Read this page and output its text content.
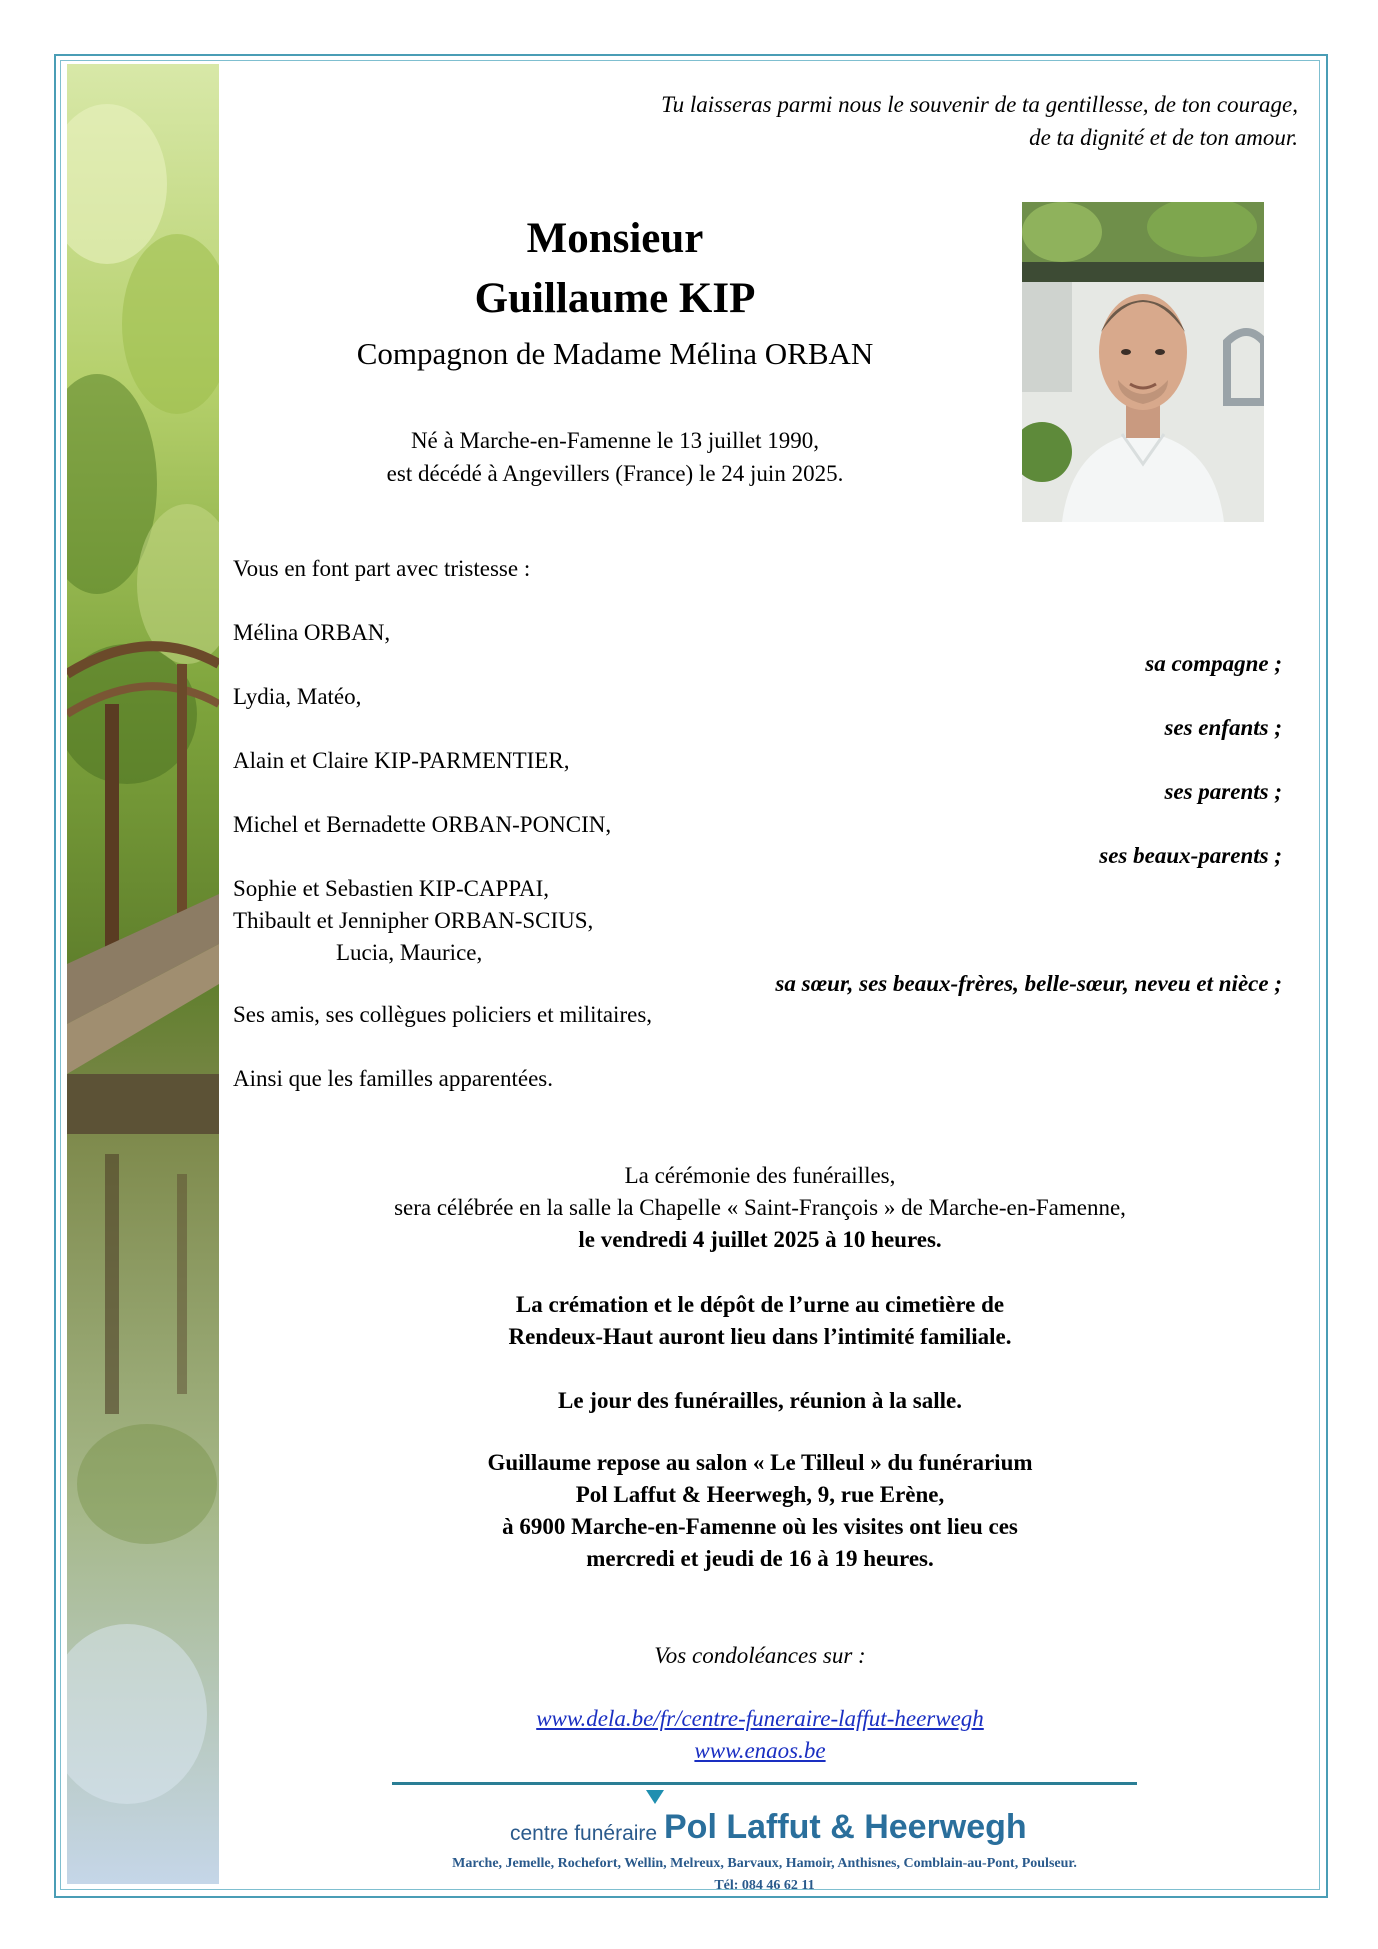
Tu laisseras parmi nous le souvenir de ta gentillesse, de ton courage,
de ta dignité et de ton amour.
Monsieur
Guillaume KIP
Compagnon de Madame Mélina ORBAN
Né à Marche-en-Famenne le 13 juillet 1990,
est décédé à Angevillers (France) le 24 juin 2025.
Vous en font part avec tristesse :
Mélina ORBAN,
sa compagne ;
Lydia, Matéo,
ses enfants ;
Alain et Claire KIP-PARMENTIER,
ses parents ;
Michel et Bernadette ORBAN-PONCIN,
ses beaux-parents ;
Sophie et Sebastien KIP-CAPPAI,
Thibault et Jennipher ORBAN-SCIUS,
Lucia, Maurice,
sa sœur, ses beaux-frères, belle-sœur, neveu et nièce ;
Ses amis, ses collègues policiers et militaires,
Ainsi que les familles apparentées.
La cérémonie des funérailles,
sera célébrée en la salle la Chapelle « Saint-François » de Marche-en-Famenne,
le vendredi 4 juillet 2025 à 10 heures.
La crémation et le dépôt de l’urne au cimetière de
Rendeux-Haut auront lieu dans l’intimité familiale.
Le jour des funérailles, réunion à la salle.
Guillaume repose au salon « Le Tilleul » du funérarium
Pol Laffut & Heerwegh, 9, rue Erène,
à 6900 Marche-en-Famenne où les visites ont lieu ces
mercredi et jeudi de 16 à 19 heures.
Vos condoléances sur :
www.dela.be/fr/centre-funeraire-laffut-heerwegh
www.enaos.be
centre funéraire Pol Laffut & Heerwegh
Marche, Jemelle, Rochefort, Wellin, Melreux, Barvaux, Hamoir, Anthisnes, Comblain-au-Pont, Poulseur.
Tél: 084 46 62 11
